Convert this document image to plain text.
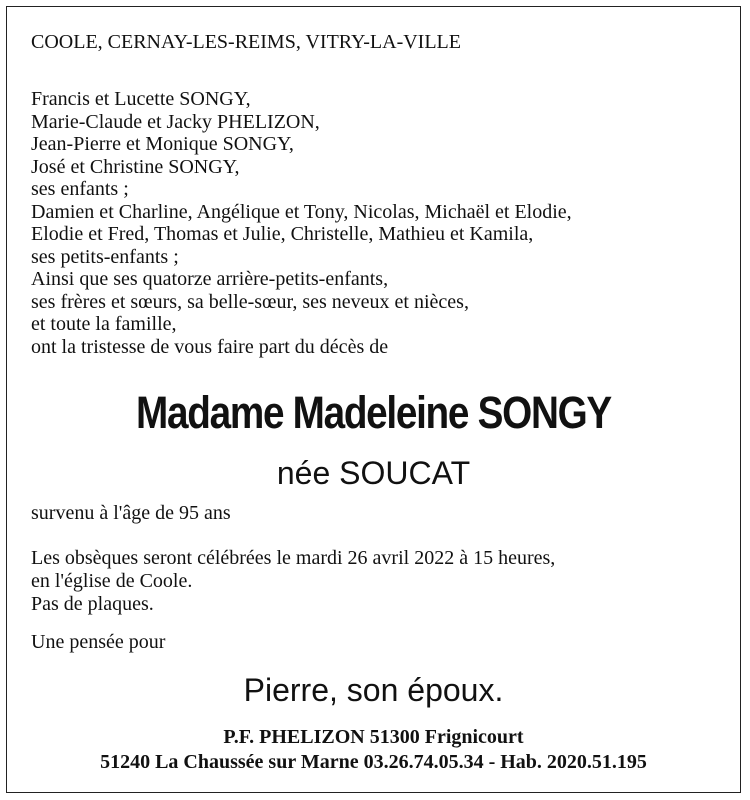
COOLE, CERNAY-LES-REIMS, VITRY-LA-VILLE
Francis et Lucette SONGY,
Marie-Claude et Jacky PHELIZON,
Jean-Pierre et Monique SONGY,
José et Christine SONGY,
ses enfants ;
Damien et Charline, Angélique et Tony, Nicolas, Michaël et Elodie,
Elodie et Fred, Thomas et Julie, Christelle, Mathieu et Kamila,
ses petits-enfants ;
Ainsi que ses quatorze arrière-petits-enfants,
ses frères et sœurs, sa belle-sœur, ses neveux et nièces,
et toute la famille,
ont la tristesse de vous faire part du décès de
Madame Madeleine SONGY
née SOUCAT
survenu à l'âge de 95 ans
Les obsèques seront célébrées le mardi 26 avril 2022 à 15 heures,
en l'église de Coole.
Pas de plaques.
Une pensée pour
Pierre, son époux.
P.F. PHELIZON 51300 Frignicourt
51240 La Chaussée sur Marne 03.26.74.05.34 - Hab. 2020.51.195
